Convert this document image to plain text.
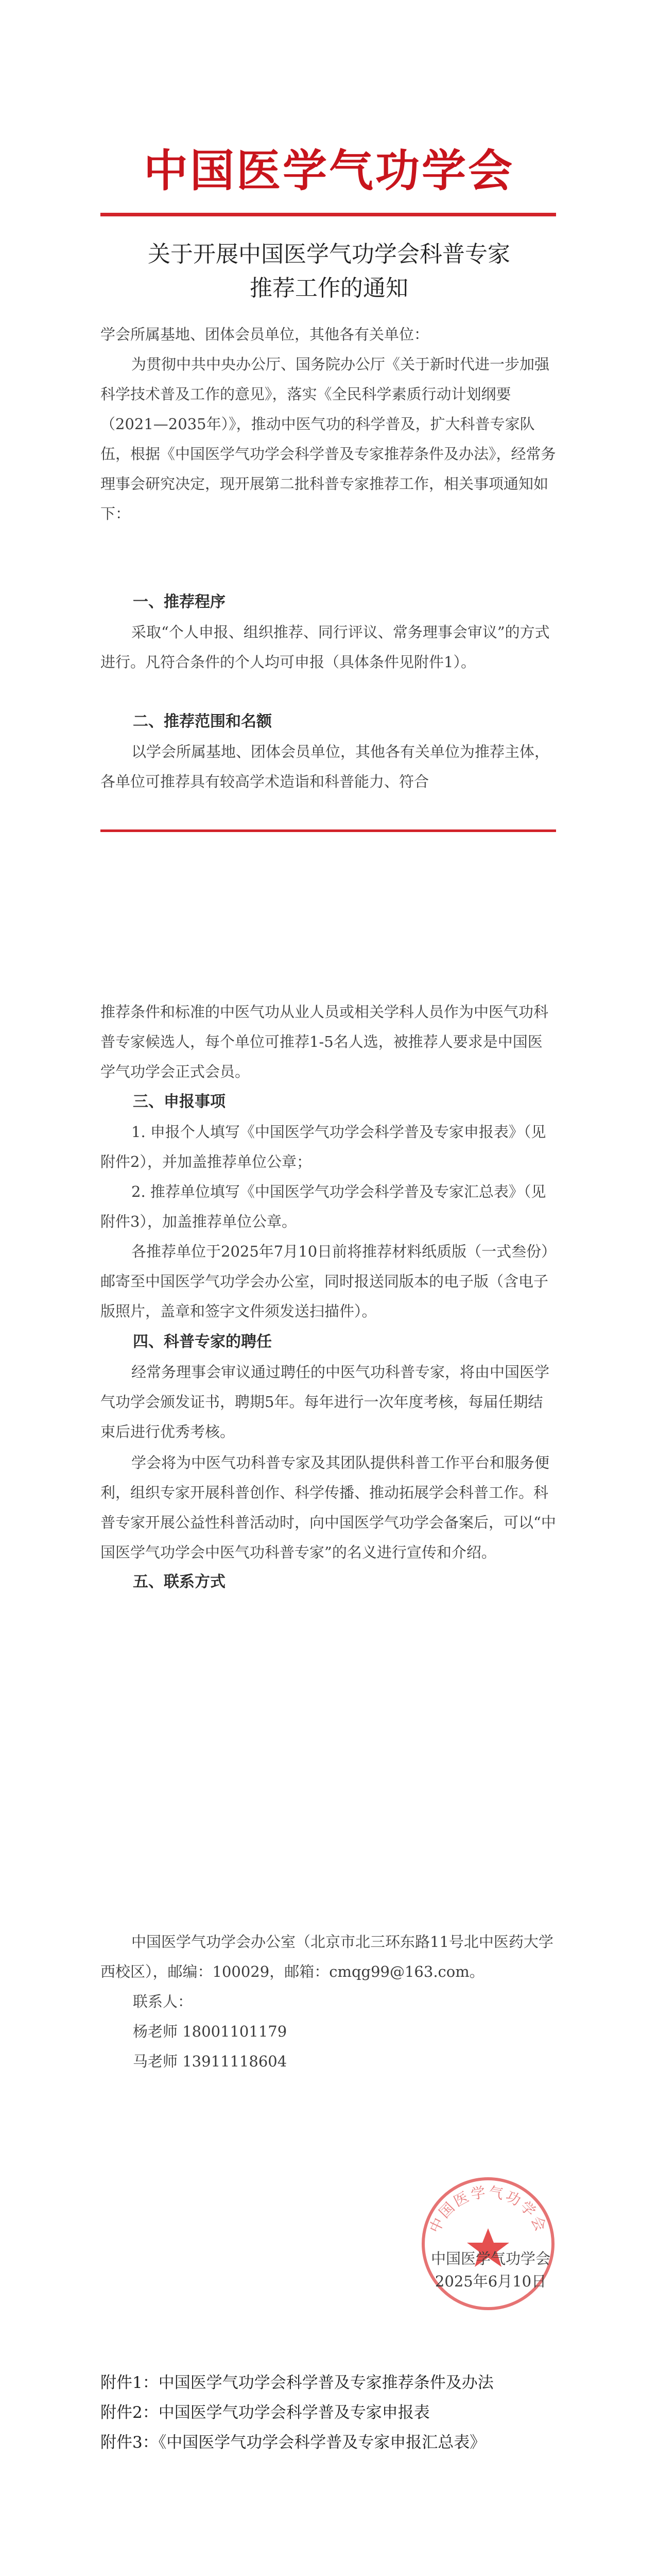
中国医学气功学会
关于开展中国医学气功学会科普专家
推荐工作的通知

学会所属基地、团体会员单位，其他各有关单位：

为贯彻中共中央办公厅、国务院办公厅《关于新时代进一步加强科学技术普及工作的意见》，落实《全民科学素质行动计划纲要（2021—2035年）》，推动中医气功的科学普及，扩大科普专家队伍，根据《中国医学气功学会科学普及专家推荐条件及办法》，经常务理事会研究决定，现开展第二批科普专家推荐工作，相关事项通知如下：

一、推荐程序

采取“个人申报、组织推荐、同行评议、常务理事会审议”的方式进行。凡符合条件的个人均可申报（具体条件见附件1）。

二、推荐范围和名额

以学会所属基地、团体会员单位，其他各有关单位为推荐主体，各单位可推荐具有较高学术造诣和科普能力、符合

推荐条件和标准的中医气功从业人员或相关学科人员作为中医气功科普专家候选人，每个单位可推荐1-5名人选，被推荐人要求是中国医学气功学会正式会员。

三、申报事项

1. 申报个人填写《中国医学气功学会科学普及专家申报表》（见附件2），并加盖推荐单位公章；

2. 推荐单位填写《中国医学气功学会科学普及专家汇总表》（见附件3），加盖推荐单位公章。

各推荐单位于2025年7月10日前将推荐材料纸质版（一式叁份）邮寄至中国医学气功学会办公室，同时报送同版本的电子版（含电子版照片，盖章和签字文件须发送扫描件）。

四、科普专家的聘任

经常务理事会审议通过聘任的中医气功科普专家，将由中国医学气功学会颁发证书，聘期5年。每年进行一次年度考核，每届任期结束后进行优秀考核。

学会将为中医气功科普专家及其团队提供科普工作平台和服务便利，组织专家开展科普创作、科学传播、推动拓展学会科普工作。科普专家开展公益性科普活动时，向中国医学气功学会备案后，可以“中国医学气功学会中医气功科普专家”的名义进行宣传和介绍。

五、联系方式

中国医学气功学会办公室（北京市北三环东路11号北中医药大学西校区），邮编：100029，邮箱：cmqg99@163.com。

联系人：
杨老师 18001101179
马老师 13911118604
中国医学气功学会
中国医学气功学会
2025年6月10日
附件1：中国医学气功学会科学普及专家推荐条件及办法
附件2：中国医学气功学会科学普及专家申报表
附件3：《中国医学气功学会科学普及专家申报汇总表》
